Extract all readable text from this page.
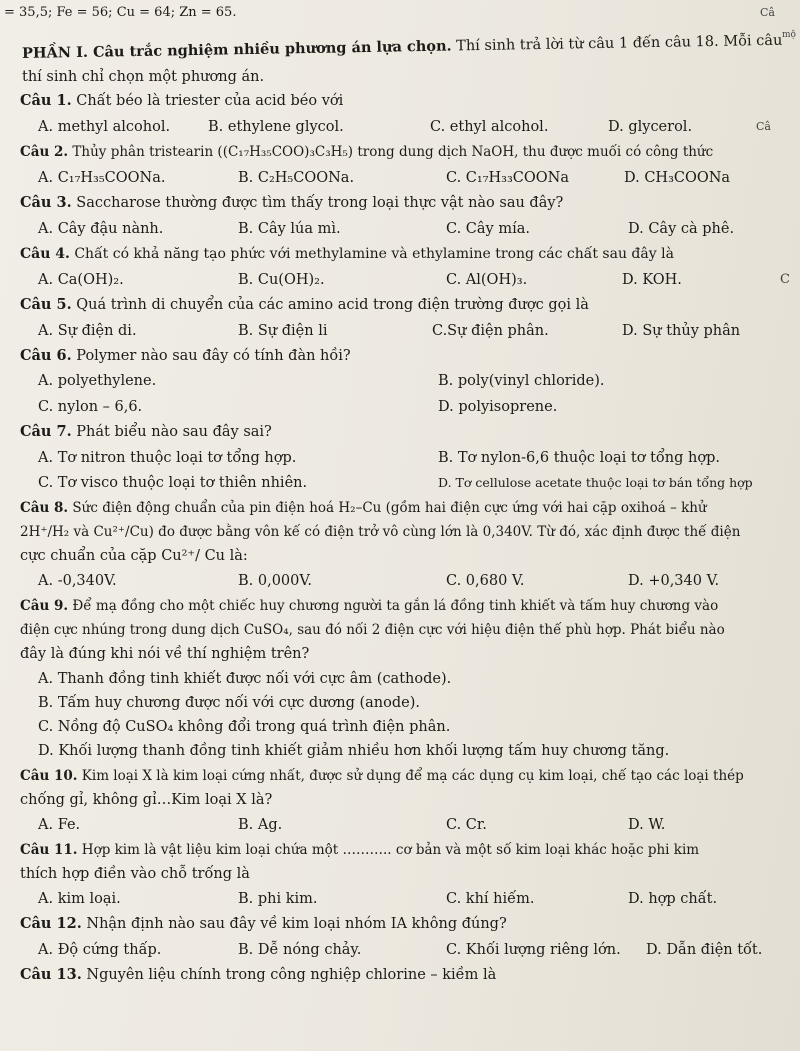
= 35,5; Fe = 56; Cu = 64; Zn = 65.	Câ
mộ
PHẦN I. Câu trắc nghiệm nhiều phương án lựa chọn. Thí sinh trả lời từ câu 1 đến câu 18. Mỗi câu
thí sinh chỉ chọn một phương án.
Câu 1. Chất béo là triester của acid béo với
A. methyl alcohol.	B. ethylene glycol.	C. ethyl alcohol.	D. glycerol.	Câ
Câu 2. Thủy phân tristearin ((C₁₇H₃₅COO)₃C₃H₅) trong dung dịch NaOH, thu được muối có công thức
A. C₁₇H₃₅COONa.	B. C₂H₅COONa.	C. C₁₇H₃₃COONa	D. CH₃COONa
Câu 3. Saccharose thường được tìm thấy trong loại thực vật nào sau đây?
A. Cây đậu nành.	B. Cây lúa mì.	C. Cây mía.	D. Cây cà phê.
Câu 4. Chất có khả năng tạo phức với methylamine và ethylamine trong các chất sau đây là
A. Ca(OH)₂.	B. Cu(OH)₂.	C. Al(OH)₃.	D. KOH.	C
Câu 5. Quá trình di chuyển của các amino acid trong điện trường được gọi là
A. Sự điện di.	B. Sự điện li	C.Sự điện phân.	D. Sự thủy phân
Câu 6. Polymer nào sau đây có tính đàn hồi?
A. polyethylene.	B. poly(vinyl chloride).
C. nylon – 6,6.	D. polyisoprene.
Câu 7. Phát biểu nào sau đây sai?
A. Tơ nitron thuộc loại tơ tổng hợp.	B. Tơ nylon-6,6 thuộc loại tơ tổng hợp.
C. Tơ visco thuộc loại tơ thiên nhiên.	D. Tơ cellulose acetate thuộc loại tơ bán tổng hợp
Câu 8. Sức điện động chuẩn của pin điện hoá H₂–Cu (gồm hai điện cực ứng với hai cặp oxihoá – khử
2H⁺/H₂ và Cu²⁺/Cu) đo được bằng vôn kế có điện trở vô cùng lớn là 0,340V. Từ đó, xác định được thế điện
cực chuẩn của cặp Cu²⁺/ Cu là:
A. -0,340V.	B. 0,000V.	C. 0,680 V.	D. +0,340 V.
Câu 9. Để mạ đồng cho một chiếc huy chương người ta gắn lá đồng tinh khiết và tấm huy chương vào
điện cực nhúng trong dung dịch CuSO₄, sau đó nối 2 điện cực với hiệu điện thế phù hợp. Phát biểu nào
đây là đúng khi nói về thí nghiệm trên?
A. Thanh đồng tinh khiết được nối với cực âm (cathode).
B. Tấm huy chương được nối với cực dương (anode).
C. Nồng độ CuSO₄ không đổi trong quá trình điện phân.
D. Khối lượng thanh đồng tinh khiết giảm nhiều hơn khối lượng tấm huy chương tăng.
Câu 10. Kim loại X là kim loại cứng nhất, được sử dụng để mạ các dụng cụ kim loại, chế tạo các loại thép
chống gỉ, không gỉ…Kim loại X là?
A. Fe.	B. Ag.	C. Cr.	D. W.
Câu 11. Hợp kim là vật liệu kim loại chứa một ……….. cơ bản và một số kim loại khác hoặc phi kim
thích hợp điền vào chỗ trống là
A. kim loại.	B. phi kim.	C. khí hiếm.	D. hợp chất.
Câu 12. Nhận định nào sau đây về kim loại nhóm IA không đúng?
A. Độ cứng thấp.	B. Dễ nóng chảy.	C. Khối lượng riêng lớn. D. Dẫn điện tốt.
Câu 13. Nguyên liệu chính trong công nghiệp chlorine – kiềm là
